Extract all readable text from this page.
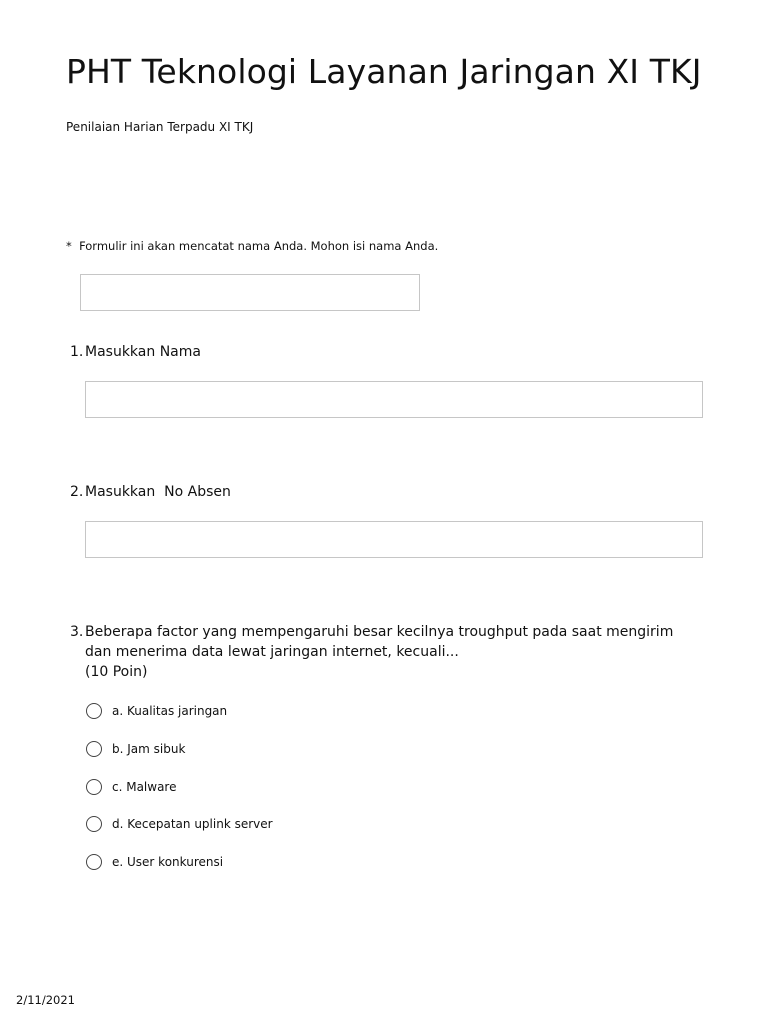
PHT Teknologi Layanan Jaringan XI TKJ
Penilaian Harian Terpadu XI TKJ
* Formulir ini akan mencatat nama Anda. Mohon isi nama Anda.
1. Masukkan Nama
2. Masukkan  No Absen
3. Beberapa factor yang mempengaruhi besar kecilnya troughput pada saat mengirim
dan menerima data lewat jaringan internet, kecuali...
(10 Poin)
a. Kualitas jaringan
b. Jam sibuk
c. Malware
d. Kecepatan uplink server
e. User konkurensi
2/11/2021
